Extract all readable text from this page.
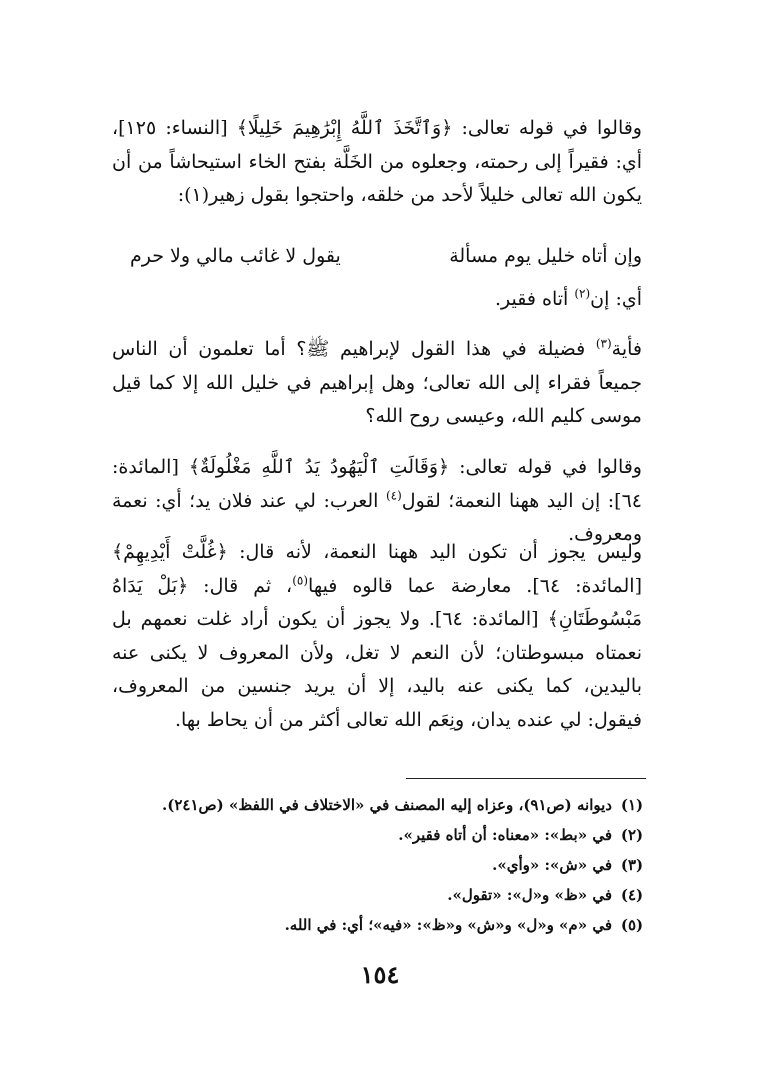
وقالوا في قوله تعالى: ﴿وَٱتَّخَذَ ٱللَّهُ إِبْرَٰهِيمَ خَلِيلًا﴾ [النساء: ١٢٥]، أي: فقيراً إلى رحمته، وجعلوه من الخَلَّة بفتح الخاء استيحاشاً من أن يكون الله تعالى خليلاً لأحد من خلقه، واحتجوا بقول زهير(١):

وإن أتاه خليل يوم مسألة
يقول لا غائب مالي ولا حرم

أي: إن$^{(٢)}$ أتاه فقير.

فأية$^{(٣)}$ فضيلة في هذا القول لإبراهيم ﷺ؟ أما تعلمون أن الناس جميعاً فقراء إلى الله تعالى؛ وهل إبراهيم في خليل الله إلا كما قيل موسى كليم الله، وعيسى روح الله؟

وقالوا في قوله تعالى: ﴿وَقَالَتِ ٱلْيَهُودُ يَدُ ٱللَّهِ مَغْلُولَةٌ﴾ [المائدة: ٦٤]: إن اليد ههنا النعمة؛ لقول$^{(٤)}$ العرب: لي عند فلان يد؛ أي: نعمة ومعروف.

وليس يجوز أن تكون اليد ههنا النعمة، لأنه قال: ﴿غُلَّتْ أَيْدِيهِمْ﴾ [المائدة: ٦٤]. معارضة عما قالوه فيها$^{(٥)}$، ثم قال: ﴿بَلْ يَدَاهُ مَبْسُوطَتَانِ﴾ [المائدة: ٦٤]. ولا يجوز أن يكون أراد غلت نعمهم بل نعمتاه مبسوطتان؛ لأن النعم لا تغل، ولأن المعروف لا يكنى عنه باليدين، كما يكنى عنه باليد، إلا أن يريد جنسين من المعروف، فيقول: لي عنده يدان، ونِعَم الله تعالى أكثر من أن يحاط بها.

(١)ديوانه (ص٩١)، وعزاه إليه المصنف في «الاختلاف في اللفظ» (ص٢٤١).
(٢)في «بط»: «معناه: أن أتاه فقير».
(٣)في «ش»: «وأي».
(٤)في «ظ» و«ل»: «تقول».
(٥)في «م» و«ل» و«ش» و«ظ»: «فيه»؛ أي: في الله.
١٥٤
